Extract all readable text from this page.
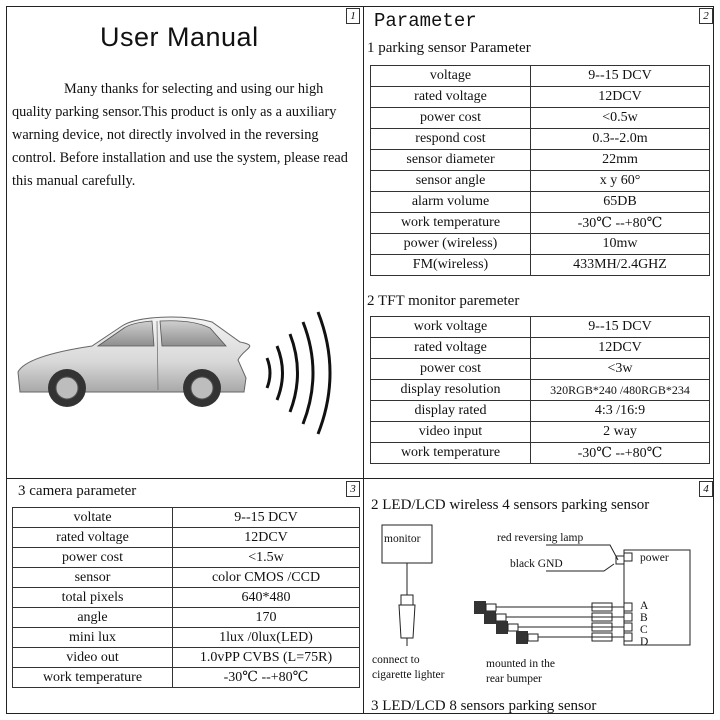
1	2
3	4
User Manual

Many thanks for selecting and using our high quality parking sensor.This product is only as a auxiliary warning device, not directly involved in the reversing control. Before installation and use the system, please read this manual carefully.

Parameter
1 parking sensor Parameter
voltage	9--15 DCV
rated voltage	12DCV
power cost	<0.5w
respond cost	0.3--2.0m
sensor diameter	22mm
sensor angle	x y 60°
alarm volume	65DB
work temperature	-30℃ --+80℃
power (wireless)	10mw
FM(wireless)	433MH/2.4GHZ
2 TFT monitor paremeter
work voltage	9--15 DCV
rated voltage	12DCV
power cost	<3w
display resolution	320RGB*240 /480RGB*234
display rated	4:3 /16:9
video input	2 way
work temperature	-30℃ --+80℃
3 camera parameter
voltate	9--15 DCV
rated voltage	12DCV
power cost	<1.5w
sensor	color CMOS /CCD
total pixels	640*480
angle	170
mini lux	1lux /0lux(LED)
video out	1.0vPP CVBS (L=75R)
work temperature	-30℃ --+80℃
2 LED/LCD wireless 4 sensors parking sensor
monitor	red reversing lamp
black GND	power
A
B
C
D
connect to
cigarette lighter
mounted in the
rear bumper
3 LED/LCD 8 sensors parking sensor
